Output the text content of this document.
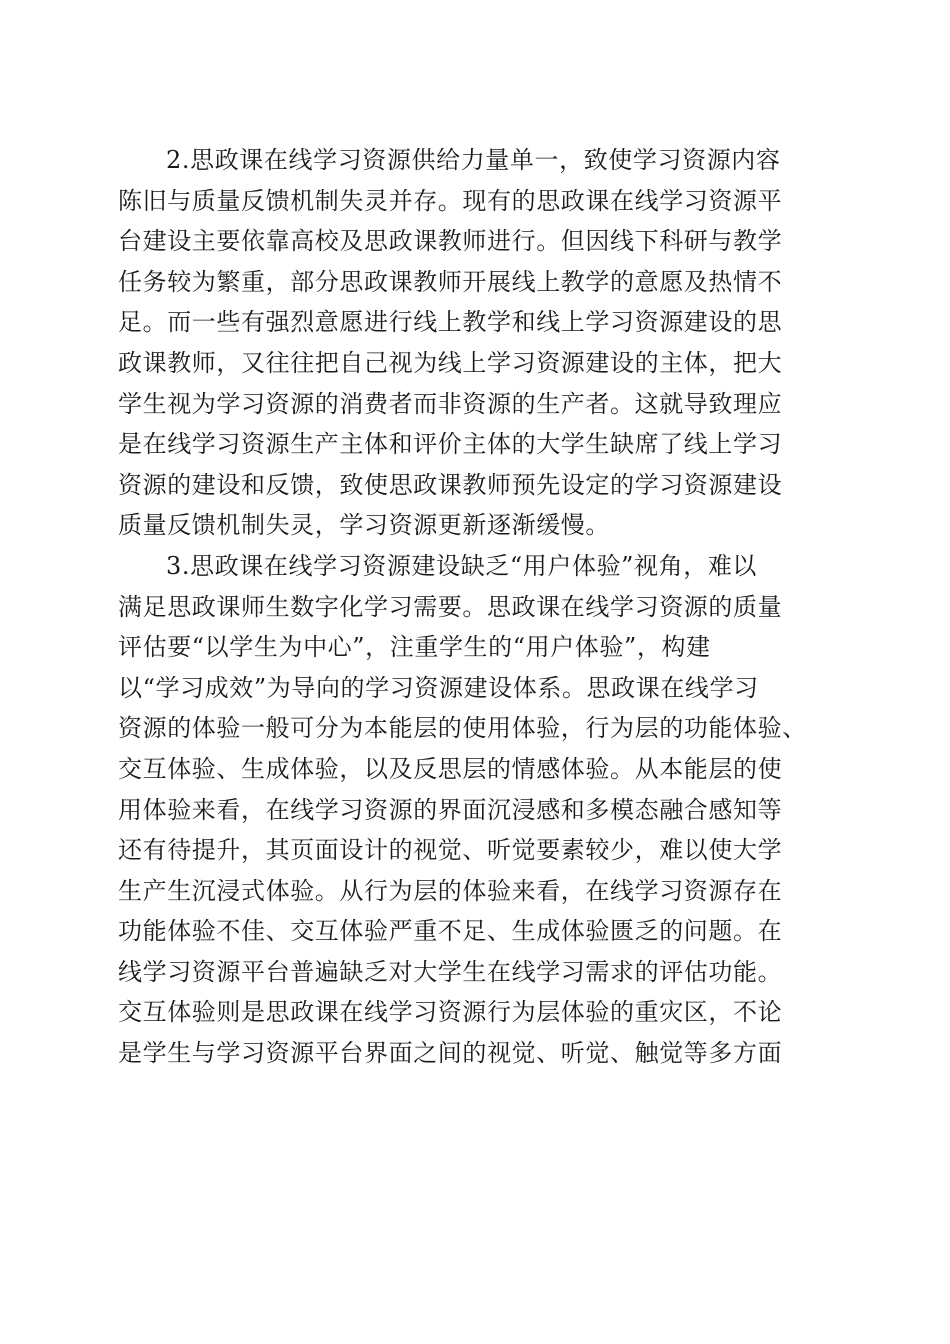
2.思政课在线学习资源供给力量单一，致使学习资源内容
陈旧与质量反馈机制失灵并存。现有的思政课在线学习资源平
台建设主要依靠高校及思政课教师进行。但因线下科研与教学
任务较为繁重，部分思政课教师开展线上教学的意愿及热情不
足。而一些有强烈意愿进行线上教学和线上学习资源建设的思
政课教师，又往往把自己视为线上学习资源建设的主体，把大
学生视为学习资源的消费者而非资源的生产者。这就导致理应
是在线学习资源生产主体和评价主体的大学生缺席了线上学习
资源的建设和反馈，致使思政课教师预先设定的学习资源建设
质量反馈机制失灵，学习资源更新逐渐缓慢。
3.思政课在线学习资源建设缺乏“用户体验”视角，难以
满足思政课师生数字化学习需要。思政课在线学习资源的质量
评估要“以学生为中心”，注重学生的“用户体验”，构建
以“学习成效”为导向的学习资源建设体系。思政课在线学习
资源的体验一般可分为本能层的使用体验，行为层的功能体验、
交互体验、生成体验，以及反思层的情感体验。从本能层的使
用体验来看，在线学习资源的界面沉浸感和多模态融合感知等
还有待提升，其页面设计的视觉、听觉要素较少，难以使大学
生产生沉浸式体验。从行为层的体验来看，在线学习资源存在
功能体验不佳、交互体验严重不足、生成体验匮乏的问题。在
线学习资源平台普遍缺乏对大学生在线学习需求的评估功能。
交互体验则是思政课在线学习资源行为层体验的重灾区，不论
是学生与学习资源平台界面之间的视觉、听觉、触觉等多方面
